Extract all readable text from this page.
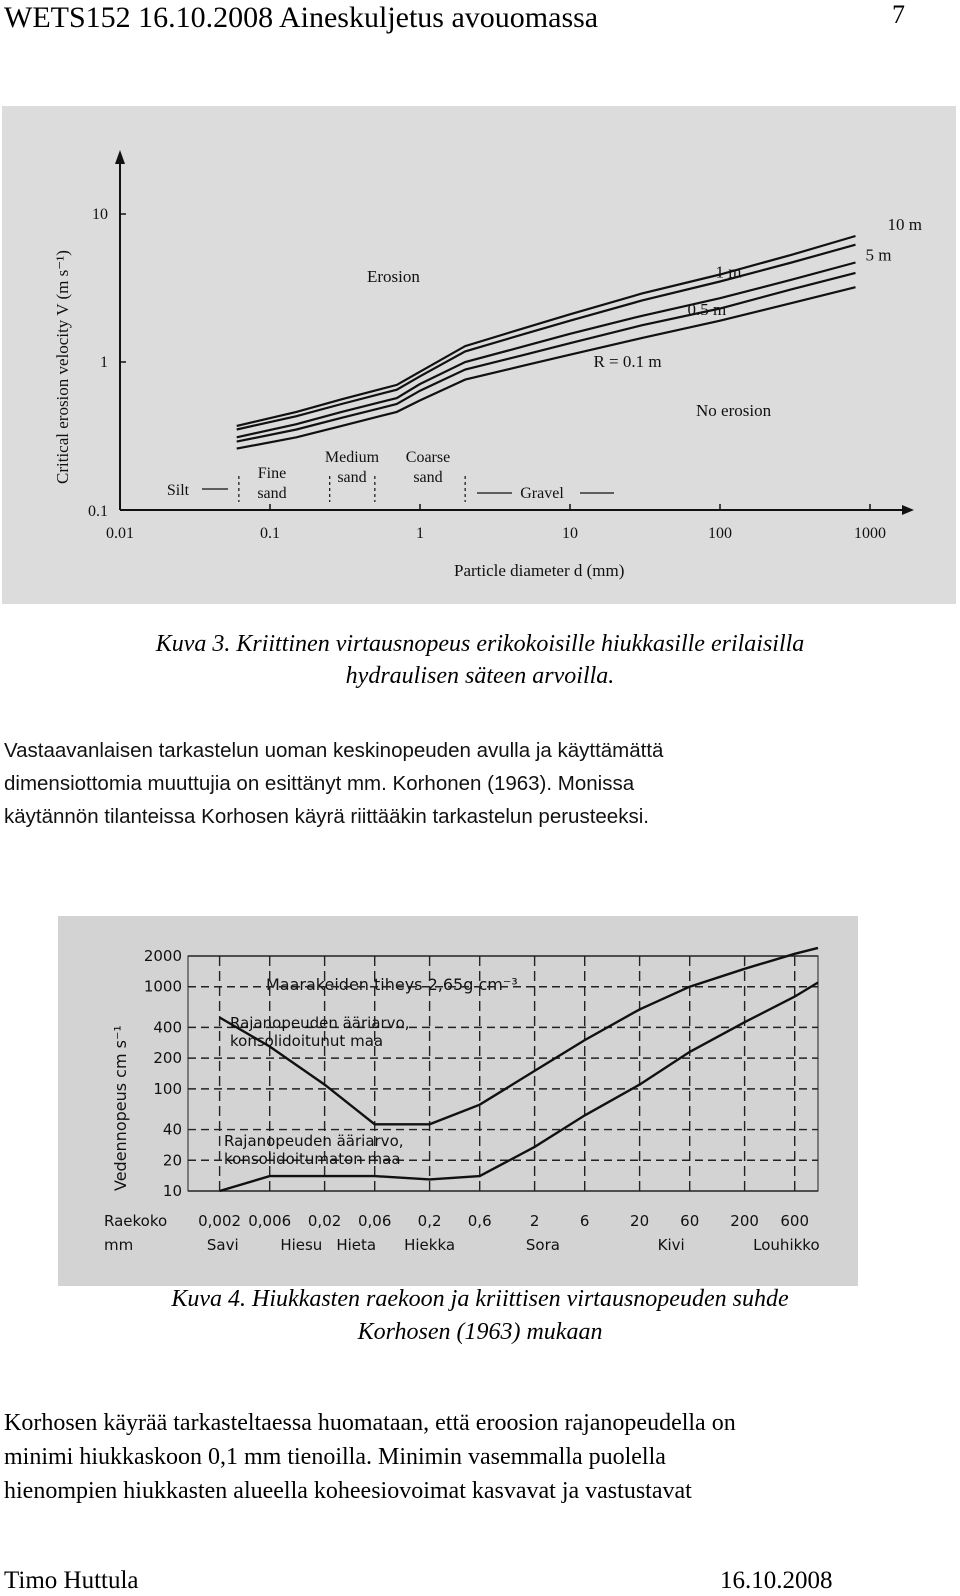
WETS152 16.10.2008 Aineskuljetus avouomassa	7
Critical erosion velocity V (m s⁻¹)
Particle diameter d (mm)
Erosion
No erosion
0.01	0.1	1	10	100	1000
0.1
1
10
R = 0.1 m
0.5 m
1 m
5 m
10 m
Silt
Fine
sand
Medium
sand
Coarse
sand
Gravel
Kuva 3. Kriittinen virtausnopeus erikokoisille hiukkasille erilaisilla
hydraulisen säteen arvoilla.
Vastaavanlaisen tarkastelun uoman keskinopeuden avulla ja käyttämättä
dimensiottomia muuttujia on esittänyt mm. Korhonen (1963). Monissa
käytännön tilanteissa Korhosen käyrä riittääkin tarkastelun perusteeksi.
Vedennopeus cm s⁻¹
Maarakeiden tiheys 2,65g cm⁻³
Raekoko
mm
2000
1000
400
200
100
40
20
10
0,002 0,006 0,02 0,06 0,2 0,6	2	6	20 60 200 600
Savi	Hiesu Hieta Hiekka	Sora	Kivi	Louhikko
Rajanopeuden ääriarvo,
konsolidoitunut maa
Rajanopeuden ääriarvo,
konsolidoitumaton maa
Kuva 4. Hiukkasten raekoon ja kriittisen virtausnopeuden suhde
Korhosen (1963) mukaan
Korhosen käyrää tarkasteltaessa huomataan, että eroosion rajanopeudella on
minimi hiukkaskoon 0,1 mm tienoilla. Minimin vasemmalla puolella
hienompien hiukkasten alueella koheesiovoimat kasvavat ja vastustavat
Timo Huttula	16.10.2008
